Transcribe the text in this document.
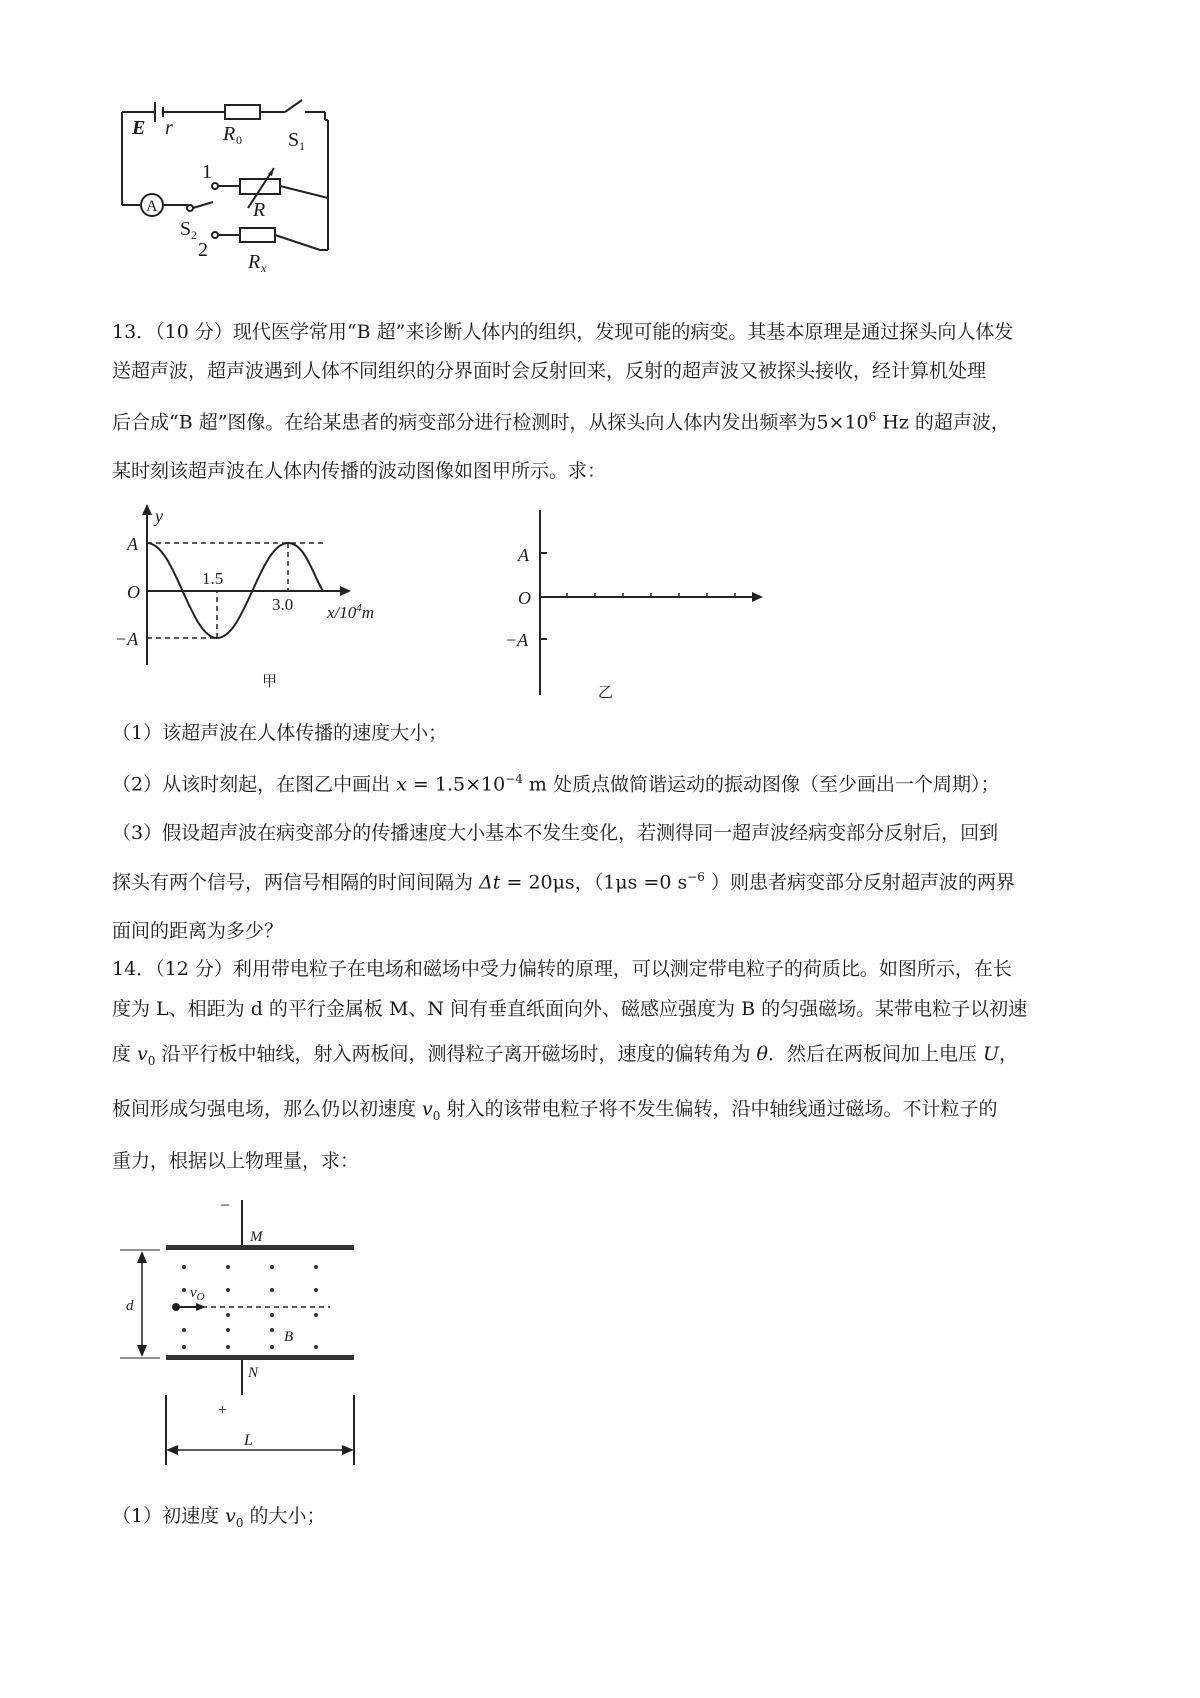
E r	R 0 S 1
1
A	R
S 2
2
R x
13．（10 分）现代医学常用“B 超”来诊断人体内的组织，发现可能的病变。其基本原理是通过探头向人体发
送超声波，超声波遇到人体不同组织的分界面时会反射回来，反射的超声波又被探头接收，经计算机处理
后合成“B 超”图像。在给某患者的病变部分进行检测时，从探头向人体内发出频率为$5\times 10^6$ Hz 的超声波，
某时刻该超声波在人体内传播的波动图像如图甲所示。求：
y
A
O
−A
1.5
3.0 $x/10^4m$
甲
A
O
−A
乙
（1）该超声波在人体传播的速度大小；
（2）从该时刻起，在图乙中画出 $x = 1.5\times 10^{-4}$ m 处质点做简谐运动的振动图像（至少画出一个周期）；
（3）假设超声波在病变部分的传播速度大小基本不发生变化，若测得同一超声波经病变部分反射后，回到
探头有两个信号，两信号相隔的时间间隔为 Δt = 20μs，（1μs =0 $s^{-6}$ ）则患者病变部分反射超声波的两界
面间的距离为多少？
14．（12 分）利用带电粒子在电场和磁场中受力偏转的原理，可以测定带电粒子的荷质比。如图所示，在长
度为 L、相距为 d 的平行金属板 M、N 间有垂直纸面向外、磁感应强度为 B 的匀强磁场。某带电粒子以初速
度 $v_0$ 沿平行板中轴线，射入两板间，测得粒子离开磁场时，速度的偏转角为 θ．然后在两板间加上电压 U，
板间形成匀强电场，那么仍以初速度 $v_0$ 射入的该带电粒子将不发生偏转，沿中轴线通过磁场。不计粒子的
重力，根据以上物理量，求：
−
M
d
$v_O$
B
N
+
L
（1）初速度 $v_0$ 的大小；
